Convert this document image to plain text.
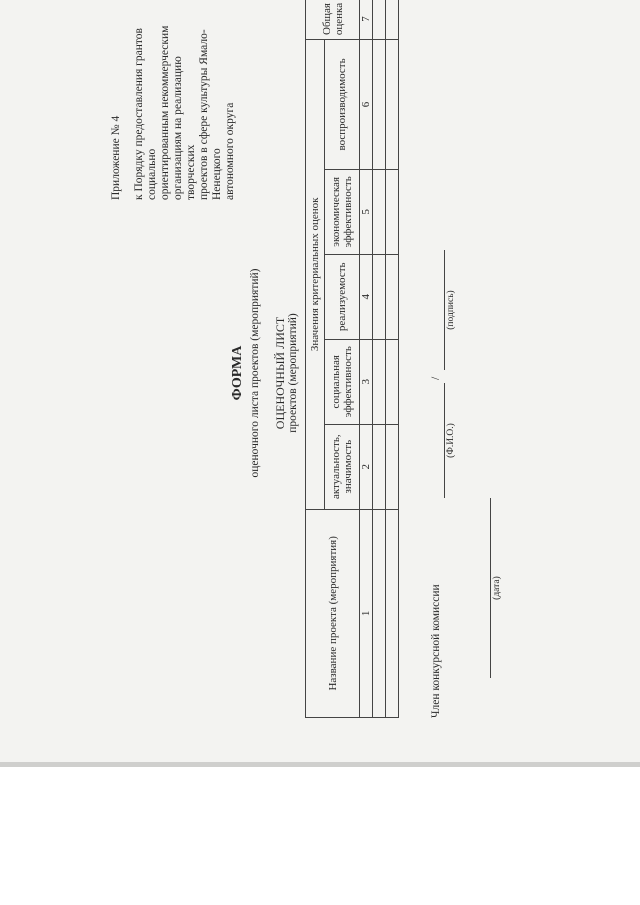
Приложение № 4 к Порядку предоставления грантов социально ориентированным некоммерческим организациям на реализацию творческих проектов в сфере культуры Ямало-Ненецкого автономного округа
ФОРМА оценочного листа проектов (мероприятий) ОЦЕНОЧНЫЙ ЛИСТ проектов (мероприятий)
Название проекта (мероприятия)	Значения критериальных оценок					Общая оценка
	актуальность, значимость	социальная эффективность	реализуемость	экономическая эффективность	воспроизводимость	
1	2	3	4	5	6	7

Член конкурсной комиссии
(Ф.И.О.)
/
(подпись)
(дата)
